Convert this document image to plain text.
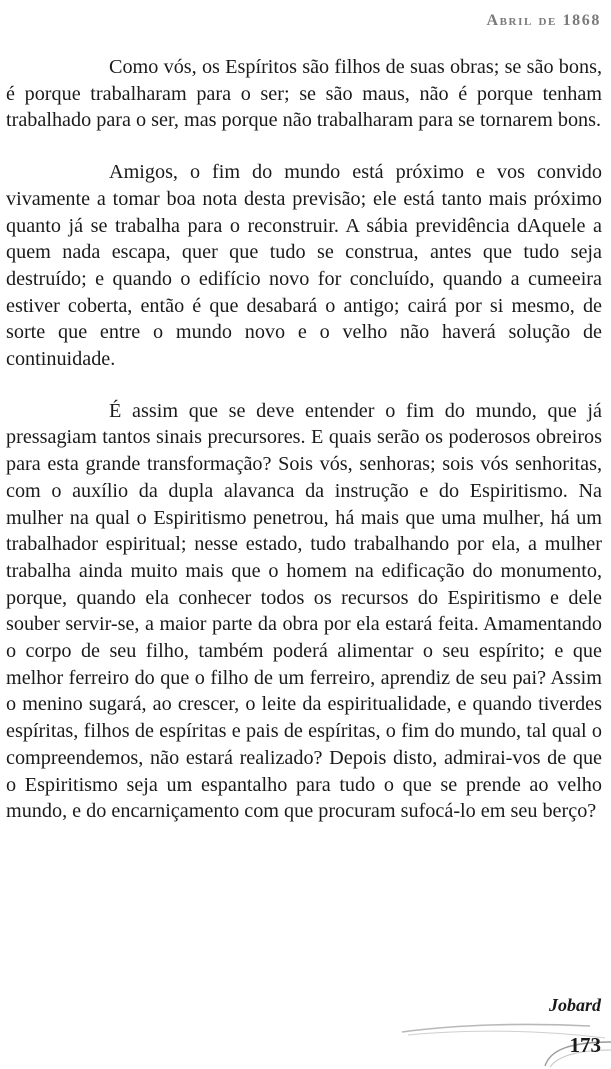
Abril de 1868

Como vós, os Espíritos são filhos de suas obras; se são bons, é porque trabalharam para o ser; se são maus, não é porque tenham trabalhado para o ser, mas porque não trabalharam para se tornarem bons.

Amigos, o fim do mundo está próximo e vos convido vivamente a tomar boa nota desta previsão; ele está tanto mais próximo quanto já se trabalha para o reconstruir. A sábia previdência dAquele a quem nada escapa, quer que tudo se construa, antes que tudo seja destruído; e quando o edifício novo for concluído, quando a cumeeira estiver coberta, então é que desabará o antigo; cairá por si mesmo, de sorte que entre o mundo novo e o velho não haverá solução de continuidade.

É assim que se deve entender o fim do mundo, que já pressagiam tantos sinais precursores. E quais serão os poderosos obreiros para esta grande transformação? Sois vós, senhoras; sois vós senhoritas, com o auxílio da dupla alavanca da instrução e do Espiritismo. Na mulher na qual o Espiritismo penetrou, há mais que uma mulher, há um trabalhador espiritual; nesse estado, tudo trabalhando por ela, a mulher trabalha ainda muito mais que o homem na edificação do monumento, porque, quando ela conhecer todos os recursos do Espiritismo e dele souber servir-se, a maior parte da obra por ela estará feita. Amamentando o corpo de seu filho, também poderá alimentar o seu espírito; e que melhor ferreiro do que o filho de um ferreiro, aprendiz de seu pai? Assim o menino sugará, ao crescer, o leite da espiritualidade, e quando tiverdes espíritas, filhos de espíritas e pais de espíritas, o fim do mundo, tal qual o compreendemos, não estará realizado? Depois disto, admirai-vos de que o Espiritismo seja um espantalho para tudo o que se prende ao velho mundo, e do encarniçamento com que procuram sufocá-lo em seu berço?

Jobard
173
